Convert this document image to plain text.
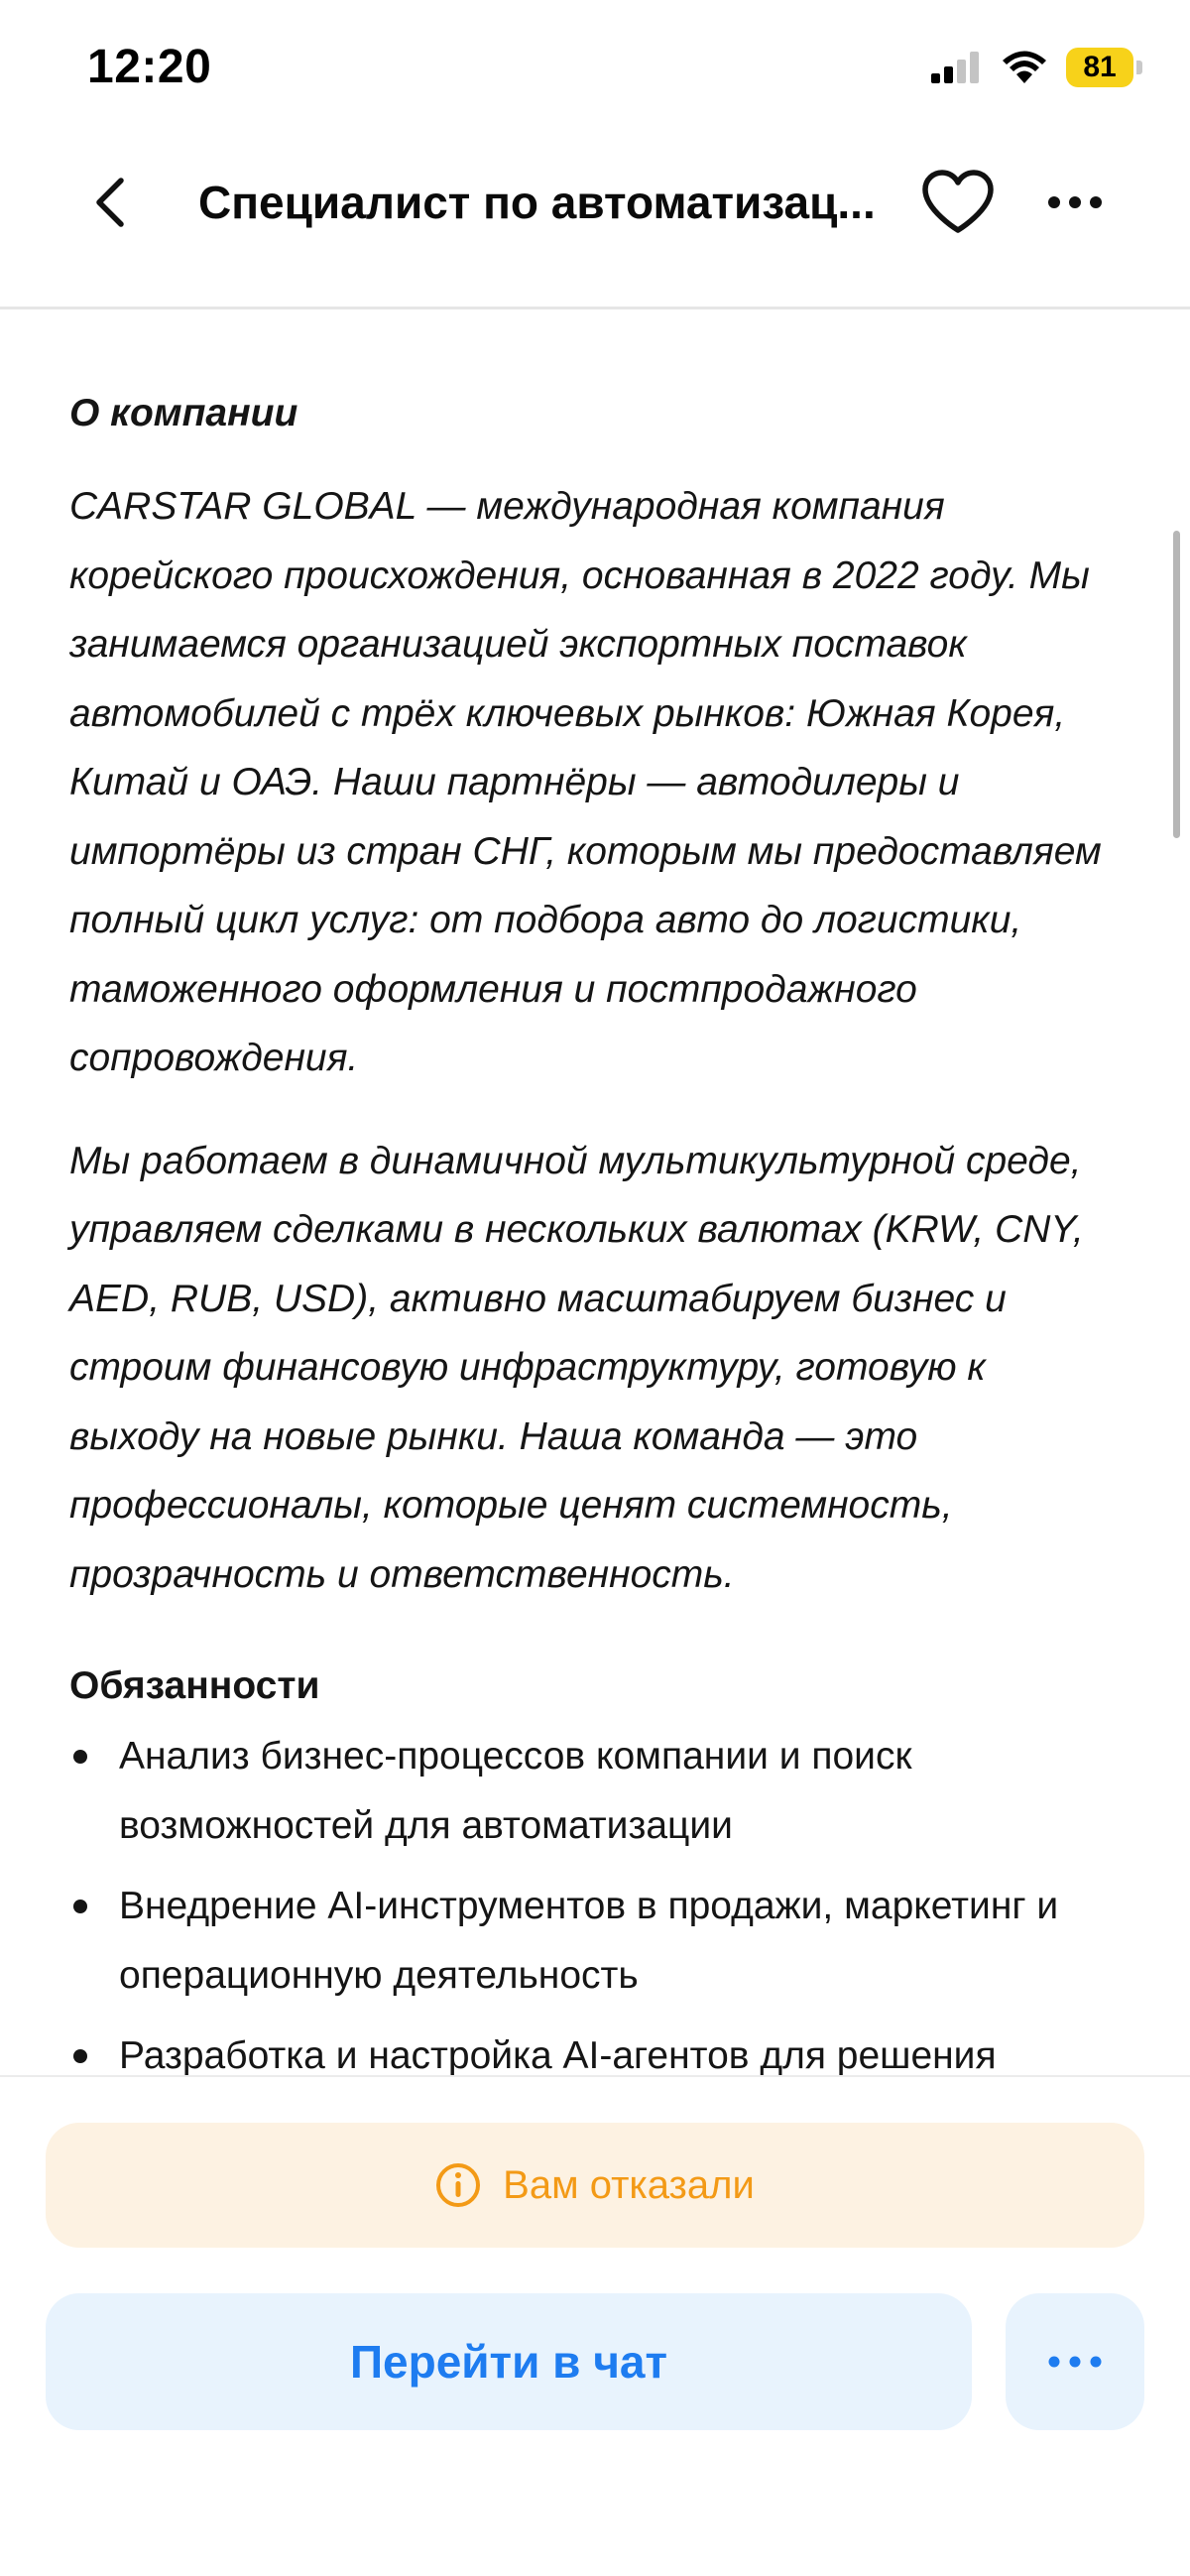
12:20	81
Специалист по автоматизац...
О компании

CARSTAR GLOBAL — международная компания корейского происхождения, основанная в 2022 году. Мы занимаемся организацией экспортных поставок автомобилей с трёх ключевых рынков: Южная Корея, Китай и ОАЭ. Наши партнёры — автодилеры и импортёры из стран СНГ, которым мы предоставляем полный цикл услуг: от подбора авто до логистики, таможенного оформления и постпродажного сопровождения.

Мы работаем в динамичной мультикультурной среде, управляем сделками в нескольких валютах (KRW, CNY, AED, RUB, USD), активно масштабируем бизнес и строим финансовую инфраструктуру, готовую к выходу на новые рынки. Наша команда — это профессионалы, которые ценят системность, прозрачность и ответственность.

Обязанности
Анализ бизнес-процессов компании и поиск возможностей для автоматизации
Внедрение AI-инструментов в продажи, маркетинг и операционную деятельность
Разработка и настройка AI-агентов для решения
Вам отказали
Перейти в чат
